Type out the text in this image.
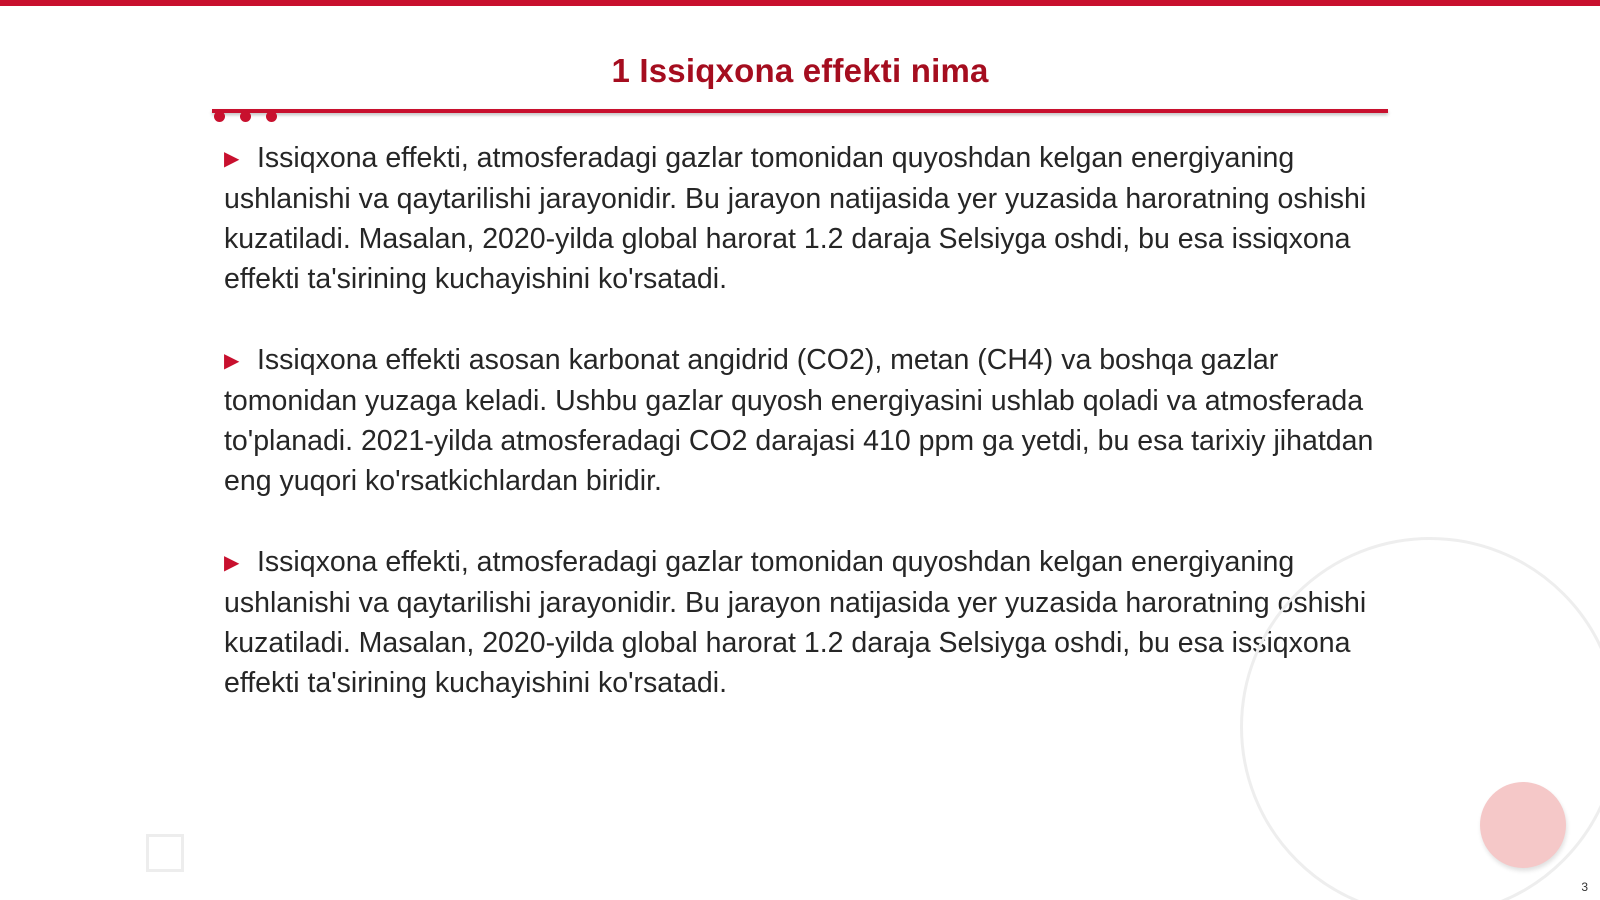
1 Issiqxona effekti nima
▶ Issiqxona effekti, atmosferadagi gazlar tomonidan quyoshdan kelgan energiyaning ushlanishi va qaytarilishi jarayonidir. Bu jarayon natijasida yer yuzasida haroratning oshishi kuzatiladi. Masalan, 2020-yilda global harorat 1.2 daraja Selsiyga oshdi, bu esa issiqxona effekti ta'sirining kuchayishini ko'rsatadi.
▶ Issiqxona effekti asosan karbonat angidrid (CO2), metan (CH4) va boshqa gazlar tomonidan yuzaga keladi. Ushbu gazlar quyosh energiyasini ushlab qoladi va atmosferada to'planadi. 2021-yilda atmosferadagi CO2 darajasi 410 ppm ga yetdi, bu esa tarixiy jihatdan eng yuqori ko'rsatkichlardan biridir.
▶ Issiqxona effekti, atmosferadagi gazlar tomonidan quyoshdan kelgan energiyaning ushlanishi va qaytarilishi jarayonidir. Bu jarayon natijasida yer yuzasida haroratning oshishi kuzatiladi. Masalan, 2020-yilda global harorat 1.2 daraja Selsiyga oshdi, bu esa issiqxona effekti ta'sirining kuchayishini ko'rsatadi.
3
